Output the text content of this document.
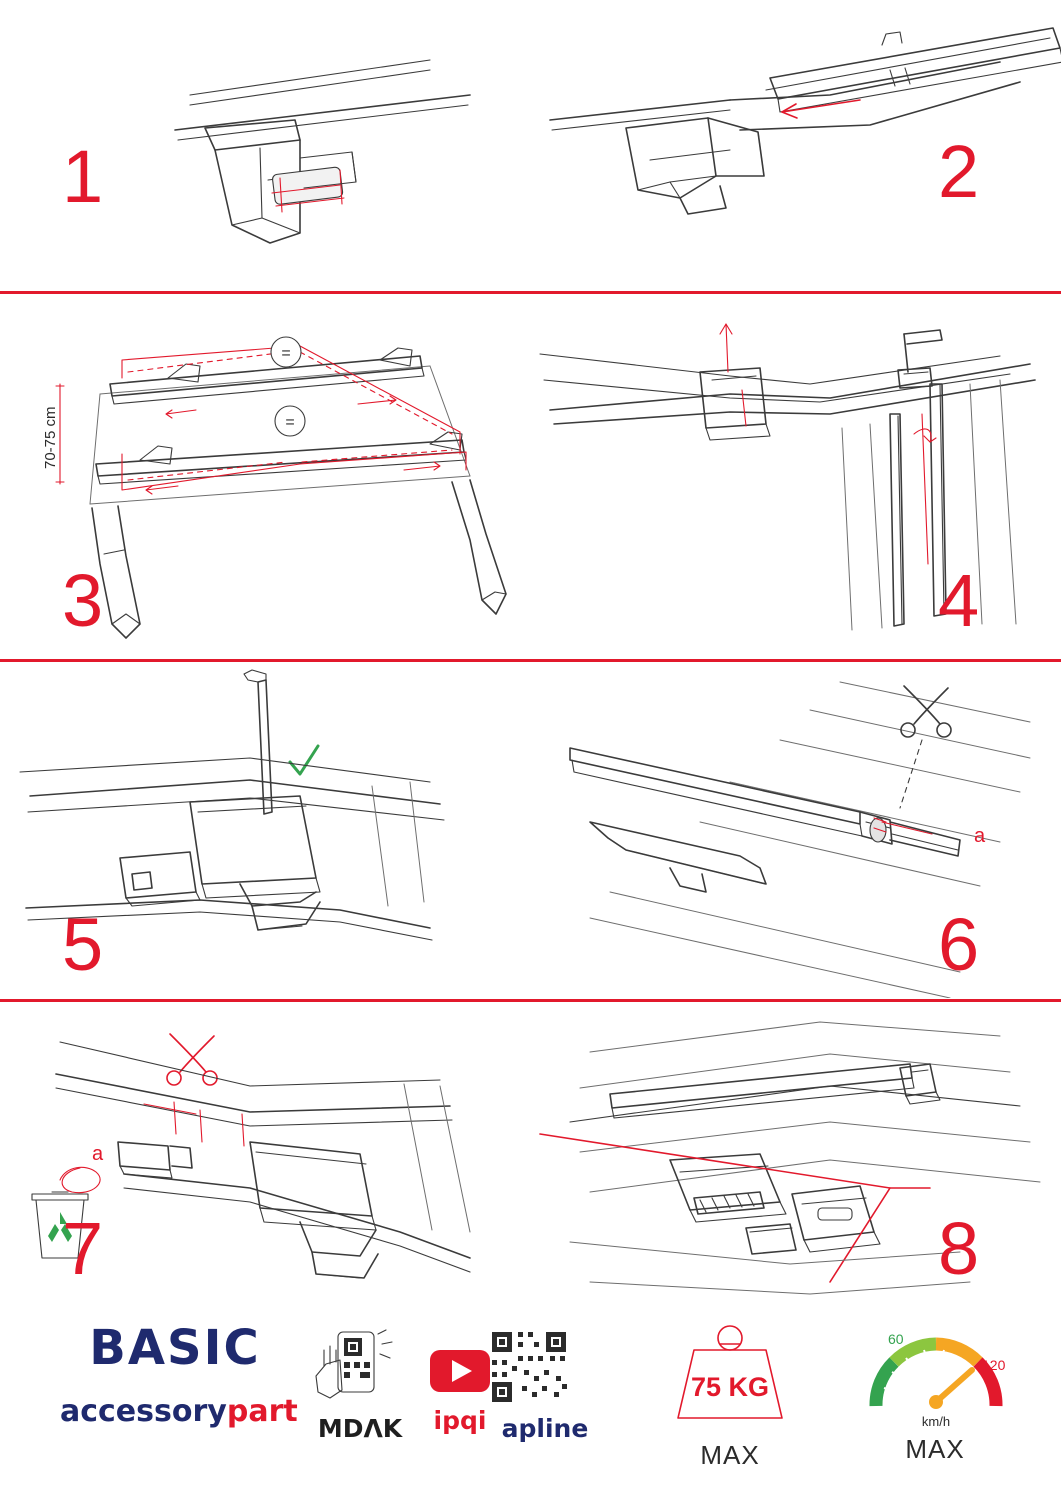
1	2
70-75 cm
=
=
3	4
5
a
6
a
7	8
BASIC
accessorypart MDΛK	ipqi apline
75 KG
MAX
60
120
km/h
MAX
